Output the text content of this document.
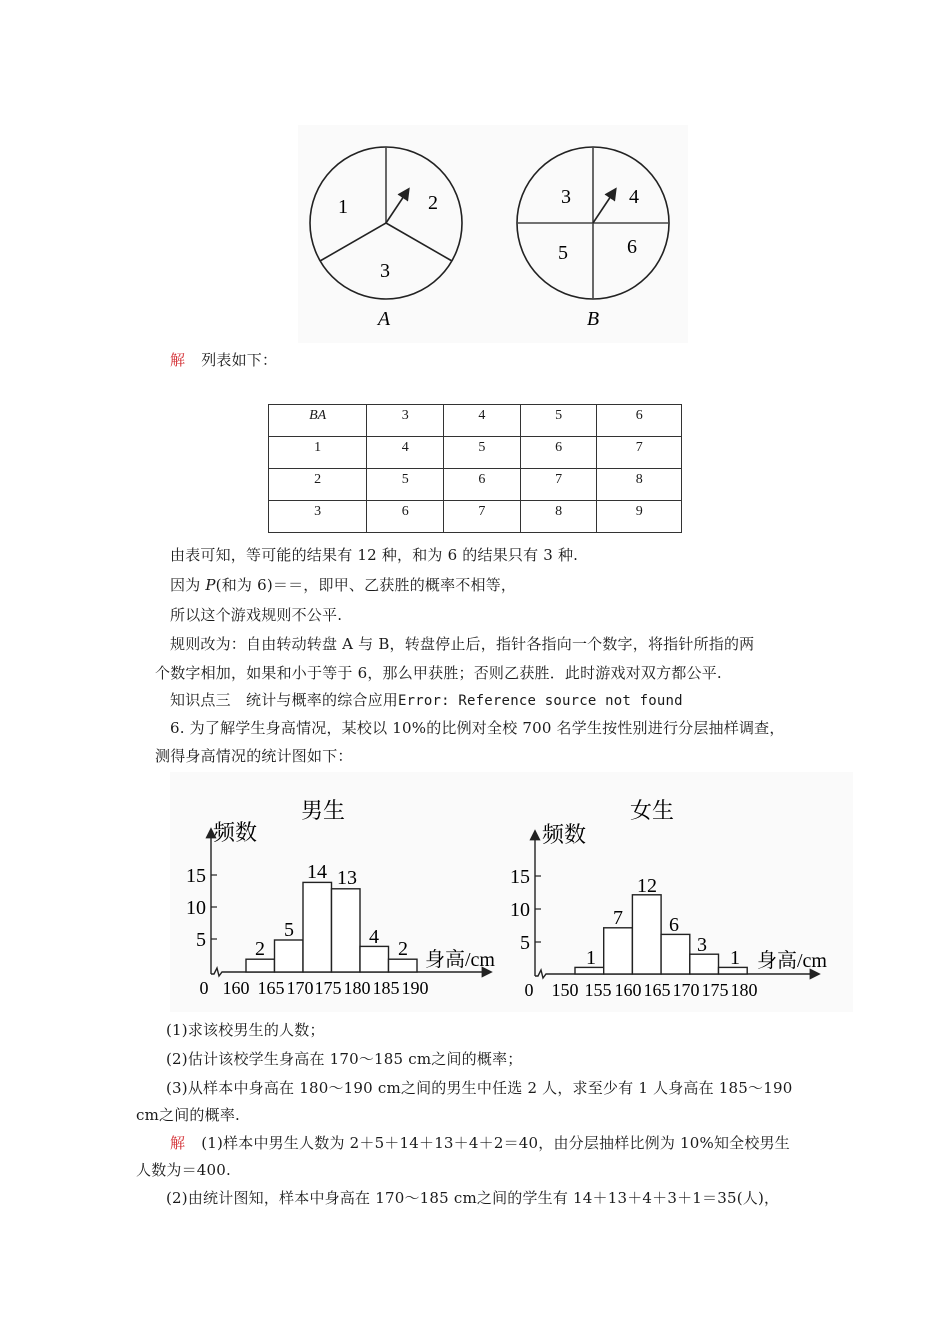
1	2
3
A
3	4
5	6
B
解 列表如下：
BA	3	4	5	6
1	4	5	6	7
2	5	6	7	8
3	6	7	8	9
由表可知，等可能的结果有 12 种，和为 6 的结果只有 3 种.
因为 P(和为 6)＝＝，即甲、乙获胜的概率不相等，
所以这个游戏规则不公平.
规则改为：自由转动转盘 A 与 B，转盘停止后，指针各指向一个数字，将指针所指的两
个数字相加，如果和小于等于 6，那么甲获胜；否则乙获胜．此时游戏对双方都公平.
知识点三　统计与概率的综合应用Error: Reference source not found
6. 为了解学生身高情况，某校以 10%的比例对全校 700 名学生按性别进行分层抽样调查，
测得身高情况的统计图如下：
男生
频数
5
10
15
2
5
14 13
4
2 身高/cm
0 160 165 170 175 180 185 190
女生
频数
5
10
15
1
7
12
6
3
1 身高/cm
0 150 155 160 165 170 175 180
(1)求该校男生的人数；
(2)估计该校学生身高在 170～185 cm之间的概率；
(3)从样本中身高在 180～190 cm之间的男生中任选 2 人，求至少有 1 人身高在 185～190
cm之间的概率.
解 (1)样本中男生人数为 2＋5＋14＋13＋4＋2＝40，由分层抽样比例为 10%知全校男生
人数为＝400.
(2)由统计图知，样本中身高在 170～185 cm之间的学生有 14＋13＋4＋3＋1＝35(人)，
